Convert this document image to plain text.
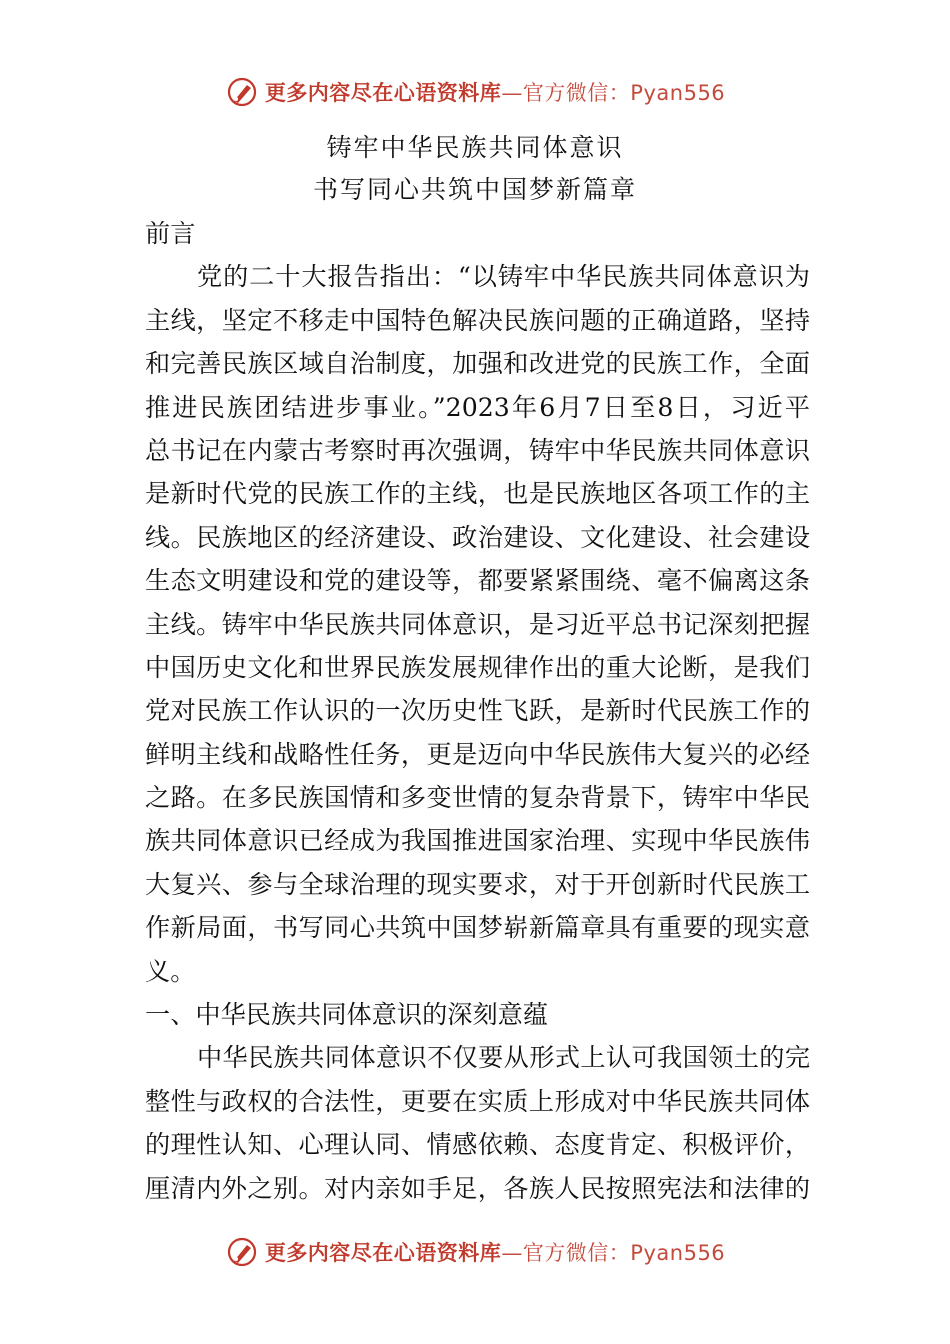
更多内容尽在心语资料库—官方微信：Pyan556
铸牢中华民族共同体意识
书写同心共筑中国梦新篇章
前言
党的二十大报告指出：“以铸牢中华民族共同体意识为
主线，坚定不移走中国特色解决民族问题的正确道路，坚持
和完善民族区域自治制度，加强和改进党的民族工作，全面
推进民族团结进步事业。”2023年6月7日至8日，习近平
总书记在内蒙古考察时再次强调，铸牢中华民族共同体意识
是新时代党的民族工作的主线，也是民族地区各项工作的主
线。民族地区的经济建设、政治建设、文化建设、社会建设
生态文明建设和党的建设等，都要紧紧围绕、毫不偏离这条
主线。铸牢中华民族共同体意识，是习近平总书记深刻把握
中国历史文化和世界民族发展规律作出的重大论断，是我们
党对民族工作认识的一次历史性飞跃，是新时代民族工作的
鲜明主线和战略性任务，更是迈向中华民族伟大复兴的必经
之路。在多民族国情和多变世情的复杂背景下，铸牢中华民
族共同体意识已经成为我国推进国家治理、实现中华民族伟
大复兴、参与全球治理的现实要求，对于开创新时代民族工
作新局面，书写同心共筑中国梦崭新篇章具有重要的现实意
义。
一、中华民族共同体意识的深刻意蕴
中华民族共同体意识不仅要从形式上认可我国领土的完
整性与政权的合法性，更要在实质上形成对中华民族共同体
的理性认知、心理认同、情感依赖、态度肯定、积极评价，
厘清内外之别。对内亲如手足，各族人民按照宪法和法律的
更多内容尽在心语资料库—官方微信：Pyan556
